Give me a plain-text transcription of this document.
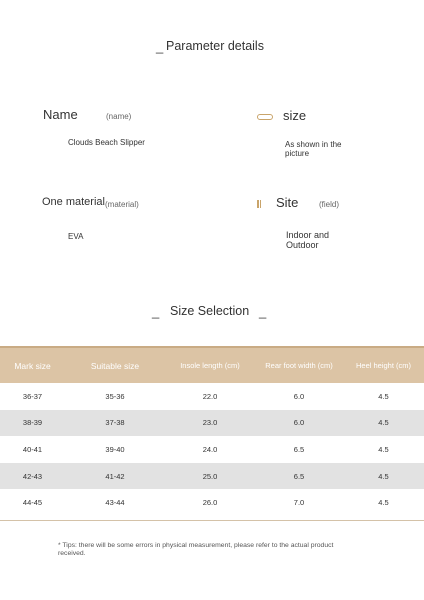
_ Parameter details
Name	(name)
Clouds Beach Slipper
size
As shown in the picture
One material (material)
EVA
Site	(field)
Indoor and Outdoor
_ Size Selection _
Mark size	Suitable size	Insole length (cm)	Rear foot width (cm)	Heel height (cm)
36-37	35-36	22.0	6.0	4.5
38-39	37-38	23.0	6.0	4.5
40-41	39-40	24.0	6.5	4.5
42-43	41-42	25.0	6.5	4.5
44-45	43-44	26.0	7.0	4.5
* Tips: there will be some errors in physical measurement, please refer to the actual product received.
